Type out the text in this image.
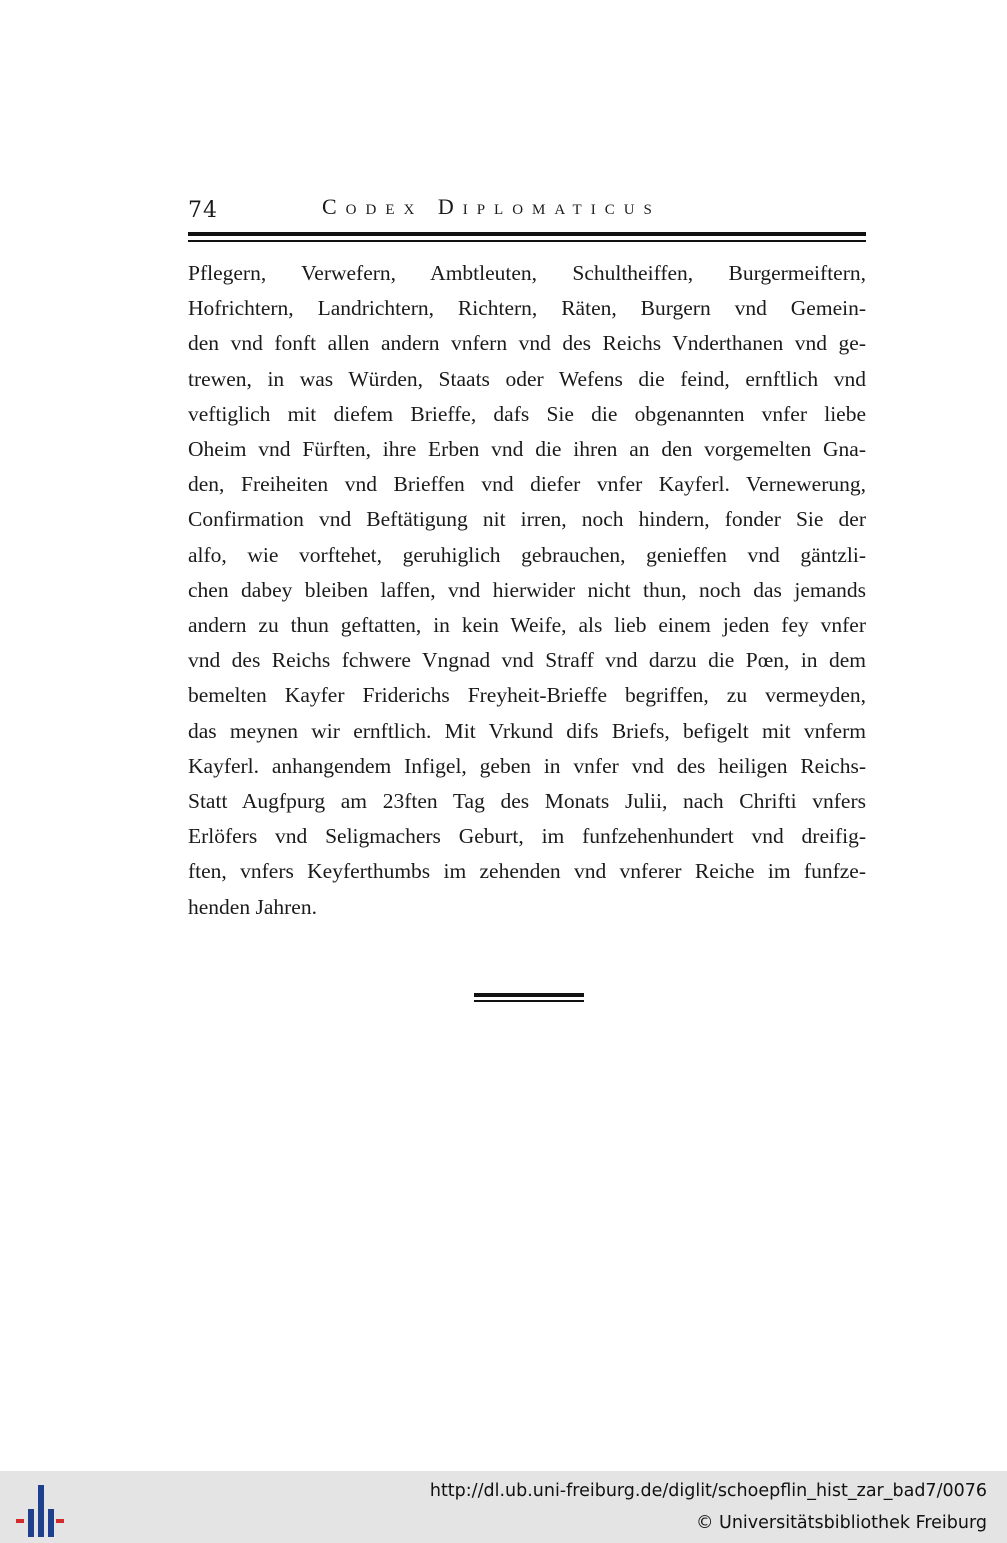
74	Codex Diplomaticus
Pflegern, Verwefern, Ambtleuten, Schultheiffen, Burgermeiftern,
Hofrichtern, Landrichtern, Richtern, Räten, Burgern vnd Gemein-
den vnd fonft allen andern vnfern vnd des Reichs Vnderthanen vnd ge-
trewen, in was Würden, Staats oder Wefens die feind, ernftlich vnd
veftiglich mit diefem Brieffe, dafs Sie die obgenannten vnfer liebe
Oheim vnd Fürften, ihre Erben vnd die ihren an den vorgemelten Gna-
den, Freiheiten vnd Brieffen vnd diefer vnfer Kayferl. Vernewerung,
Confirmation vnd Beftätigung nit irren, noch hindern, fonder Sie der
alfo, wie vorftehet, geruhiglich gebrauchen, genieffen vnd gäntzli-
chen dabey bleiben laffen, vnd hierwider nicht thun, noch das jemands
andern zu thun geftatten, in kein Weife, als lieb einem jeden fey vnfer
vnd des Reichs fchwere Vngnad vnd Straff vnd darzu die Pœn, in dem
bemelten Kayfer Friderichs Freyheit-Brieffe begriffen, zu vermeyden,
das meynen wir ernftlich. Mit Vrkund difs Briefs, befigelt mit vnferm
Kayferl. anhangendem Infigel, geben in vnfer vnd des heiligen Reichs-
Statt Augfpurg am 23ften Tag des Monats Julii, nach Chrifti vnfers
Erlöfers vnd Seligmachers Geburt, im funfzehenhundert vnd dreifig-
ften, vnfers Keyferthumbs im zehenden vnd vnferer Reiche im funfze-
henden Jahren.
http://dl.ub.uni-freiburg.de/diglit/schoepflin_hist_zar_bad7/0076
© Universitätsbibliothek Freiburg
